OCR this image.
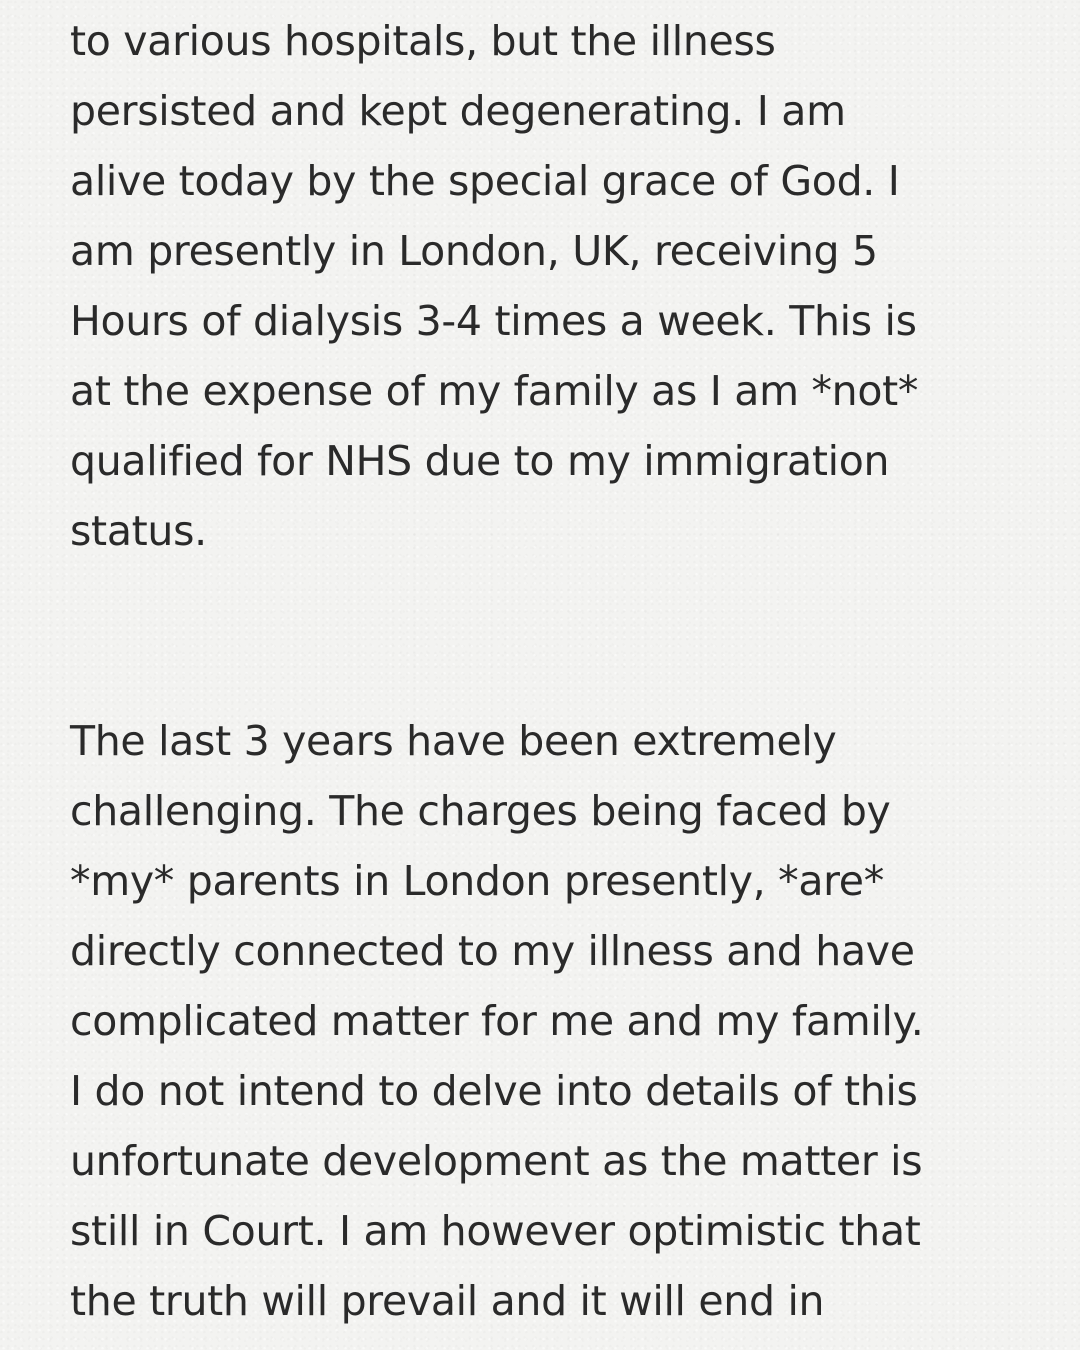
to various hospitals, but the illness
persisted and kept degenerating. I am
alive today by the special grace of God. I
am presently in London, UK, receiving 5
Hours of dialysis 3-4 times a week. This is
at the expense of my family as I am *not*
qualified for NHS due to my immigration
status.
The last 3 years have been extremely
challenging. The charges being faced by
*my* parents in London presently, *are*
directly connected to my illness and have
complicated matter for me and my family.
I do not intend to delve into details of this
unfortunate development as the matter is
still in Court. I am however optimistic that
the truth will prevail and it will end in
